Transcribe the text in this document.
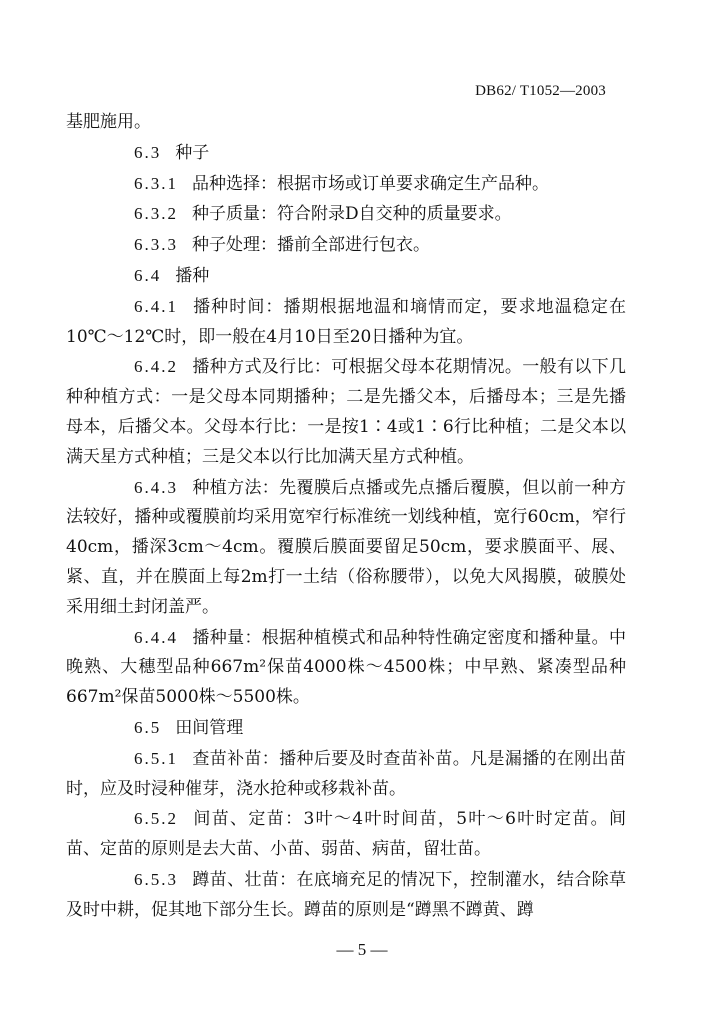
DB62/ T1052—2003

基肥施用。

6.3 种子

6.3.1 品种选择：根据市场或订单要求确定生产品种。

6.3.2 种子质量：符合附录D自交种的质量要求。

6.3.3 种子处理：播前全部进行包衣。

6.4 播种

6.4.1 播种时间：播期根据地温和墒情而定，要求地温稳定在10℃～12℃时，即一般在4月10日至20日播种为宜。

6.4.2 播种方式及行比：可根据父母本花期情况。一般有以下几种种植方式：一是父母本同期播种；二是先播父本，后播母本；三是先播母本，后播父本。父母本行比：一是按1∶4或1∶6行比种植；二是父本以满天星方式种植；三是父本以行比加满天星方式种植。

6.4.3 种植方法：先覆膜后点播或先点播后覆膜，但以前一种方法较好，播种或覆膜前均采用宽窄行标准统一划线种植，宽行60cm，窄行40cm，播深3cm～4cm。覆膜后膜面要留足50cm，要求膜面平、展、紧、直，并在膜面上每2m打一土结（俗称腰带），以免大风揭膜，破膜处采用细土封闭盖严。

6.4.4 播种量：根据种植模式和品种特性确定密度和播种量。中晚熟、大穗型品种667m²保苗4000株～4500株；中早熟、紧凑型品种667m²保苗5000株～5500株。

6.5 田间管理

6.5.1 查苗补苗：播种后要及时查苗补苗。凡是漏播的在刚出苗时，应及时浸种催芽，浇水抢种或移栽补苗。

6.5.2 间苗、定苗：3叶～4叶时间苗，5叶～6叶时定苗。间苗、定苗的原则是去大苗、小苗、弱苗、病苗，留壮苗。

6.5.3 蹲苗、壮苗：在底墒充足的情况下，控制灌水，结合除草及时中耕，促其地下部分生长。蹲苗的原则是“蹲黑不蹲黄、蹲

— 5 —
